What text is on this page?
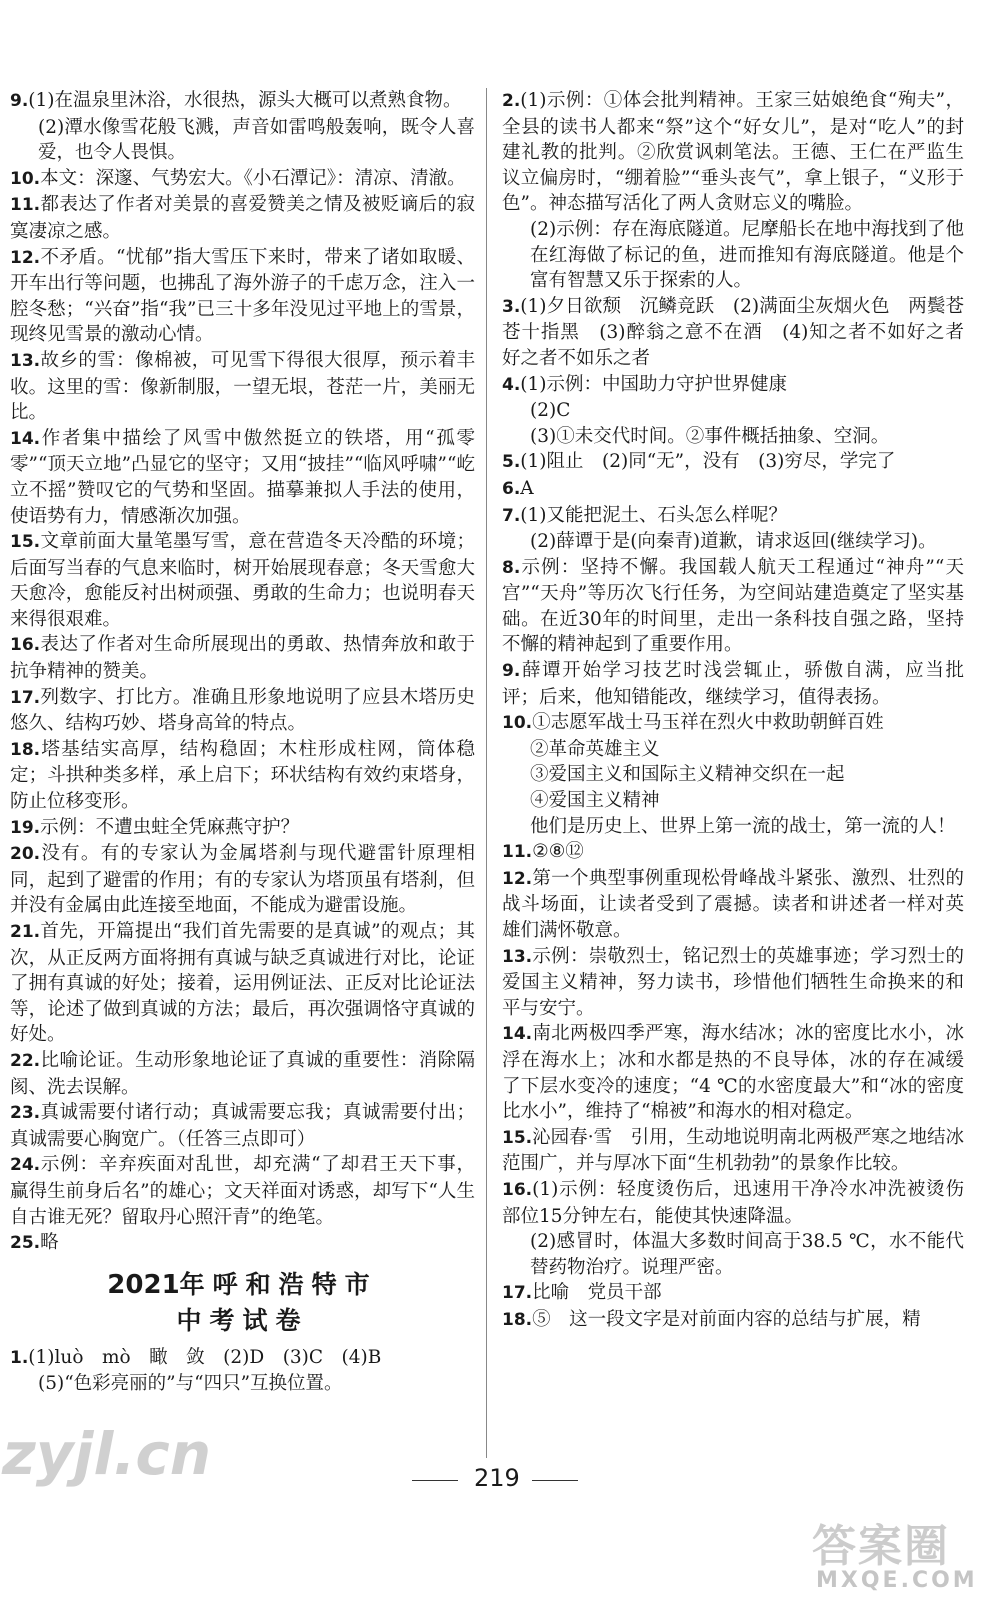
9.(1)在温泉里沐浴，水很热，源头大概可以煮熟食物。

(2)潭水像雪花般飞溅，声音如雷鸣般轰响，既令人喜爱，也令人畏惧。

10.本文：深邃、气势宏大。《小石潭记》：清凉、清澈。

11.都表达了作者对美景的喜爱赞美之情及被贬谪后的寂寞凄凉之感。

12.不矛盾。“忧郁”指大雪压下来时，带来了诸如取暖、开车出行等问题，也拂乱了海外游子的千虑万念，注入一腔冬愁；“兴奋”指“我”已三十多年没见过平地上的雪景，现终见雪景的激动心情。

13.故乡的雪：像棉被，可见雪下得很大很厚，预示着丰收。这里的雪：像新制服，一望无垠，苍茫一片，美丽无比。

14.作者集中描绘了风雪中傲然挺立的铁塔，用“孤零零”“顶天立地”凸显它的坚守；又用“披挂”“临风呼啸”“屹立不摇”赞叹它的气势和坚固。描摹兼拟人手法的使用，使语势有力，情感渐次加强。

15.文章前面大量笔墨写雪，意在营造冬天冷酷的环境；后面写当春的气息来临时，树开始展现春意；冬天雪愈大天愈冷，愈能反衬出树顽强、勇敢的生命力；也说明春天来得很艰难。

16.表达了作者对生命所展现出的勇敢、热情奔放和敢于抗争精神的赞美。

17.列数字、打比方。准确且形象地说明了应县木塔历史悠久、结构巧妙、塔身高耸的特点。

18.塔基结实高厚，结构稳固；木柱形成柱网，筒体稳定；斗拱种类多样，承上启下；环状结构有效约束塔身，防止位移变形。

19.示例：不遭虫蛀全凭麻燕守护？

20.没有。有的专家认为金属塔刹与现代避雷针原理相同，起到了避雷的作用；有的专家认为塔顶虽有塔刹，但并没有金属由此连接至地面，不能成为避雷设施。

21.首先，开篇提出“我们首先需要的是真诚”的观点；其次，从正反两方面将拥有真诚与缺乏真诚进行对比，论证了拥有真诚的好处；接着，运用例证法、正反对比论证法等，论述了做到真诚的方法；最后，再次强调恪守真诚的好处。

22.比喻论证。生动形象地论证了真诚的重要性：消除隔阂、洗去误解。

23.真诚需要付诸行动；真诚需要忘我；真诚需要付出；真诚需要心胸宽广。（任答三点即可）

24.示例：辛弃疾面对乱世，却充满“了却君王天下事，赢得生前身后名”的雄心；文天祥面对诱惑，却写下“人生自古谁无死？留取丹心照汗青”的绝笔。

25.略

2021年呼和浩特市
中考试卷

1.(1)luò　mò　瞰　敛　(2)D　(3)C　(4)B

(5)“色彩亮丽的”与“四只”互换位置。

2.(1)示例：①体会批判精神。王家三姑娘绝食“殉夫”，全县的读书人都来“祭”这个“好女儿”，是对“吃人”的封建礼教的批判。②欣赏讽刺笔法。王德、王仁在严监生议立偏房时，“绷着脸”“垂头丧气”，拿上银子，“义形于色”。神态描写活化了两人贪财忘义的嘴脸。

(2)示例：存在海底隧道。尼摩船长在地中海找到了他在红海做了标记的鱼，进而推知有海底隧道。他是个富有智慧又乐于探索的人。

3.(1)夕日欲颓　沉鳞竞跃　(2)满面尘灰烟火色　两鬓苍苍十指黑　(3)醉翁之意不在酒　(4)知之者不如好之者　好之者不如乐之者

4.(1)示例：中国助力守护世界健康

(2)C

(3)①未交代时间。②事件概括抽象、空洞。

5.(1)阻止　(2)同“无”，没有　(3)穷尽，学完了

6.A

7.(1)又能把泥土、石头怎么样呢？

(2)薛谭于是(向秦青)道歉，请求返回(继续学习)。

8.示例：坚持不懈。我国载人航天工程通过“神舟”“天宫”“天舟”等历次飞行任务，为空间站建造奠定了坚实基础。在近30年的时间里，走出一条科技自强之路，坚持不懈的精神起到了重要作用。

9.薛谭开始学习技艺时浅尝辄止，骄傲自满，应当批评；后来，他知错能改，继续学习，值得表扬。

10.①志愿军战士马玉祥在烈火中救助朝鲜百姓

②革命英雄主义

③爱国主义和国际主义精神交织在一起

④爱国主义精神

他们是历史上、世界上第一流的战士，第一流的人！

11.②⑧⑫

12.第一个典型事例重现松骨峰战斗紧张、激烈、壮烈的战斗场面，让读者受到了震撼。读者和讲述者一样对英雄们满怀敬意。

13.示例：崇敬烈士，铭记烈士的英雄事迹；学习烈士的爱国主义精神，努力读书，珍惜他们牺牲生命换来的和平与安宁。

14.南北两极四季严寒，海水结冰；冰的密度比水小，冰浮在海水上；冰和水都是热的不良导体，冰的存在减缓了下层水变冷的速度；“4 ℃的水密度最大”和“冰的密度比水小”，维持了“棉被”和海水的相对稳定。

15.沁园春·雪　引用，生动地说明南北两极严寒之地结冰范围广，并与厚冰下面“生机勃勃”的景象作比较。

16.(1)示例：轻度烫伤后，迅速用干净冷水冲洗被烫伤部位15分钟左右，能使其快速降温。

(2)感冒时，体温大多数时间高于38.5 ℃，水不能代替药物治疗。说理严密。

17.比喻　党员干部

18.⑤　这一段文字是对前面内容的总结与扩展，精

219
zyjl.cn
答案圈
MXQE.COM
